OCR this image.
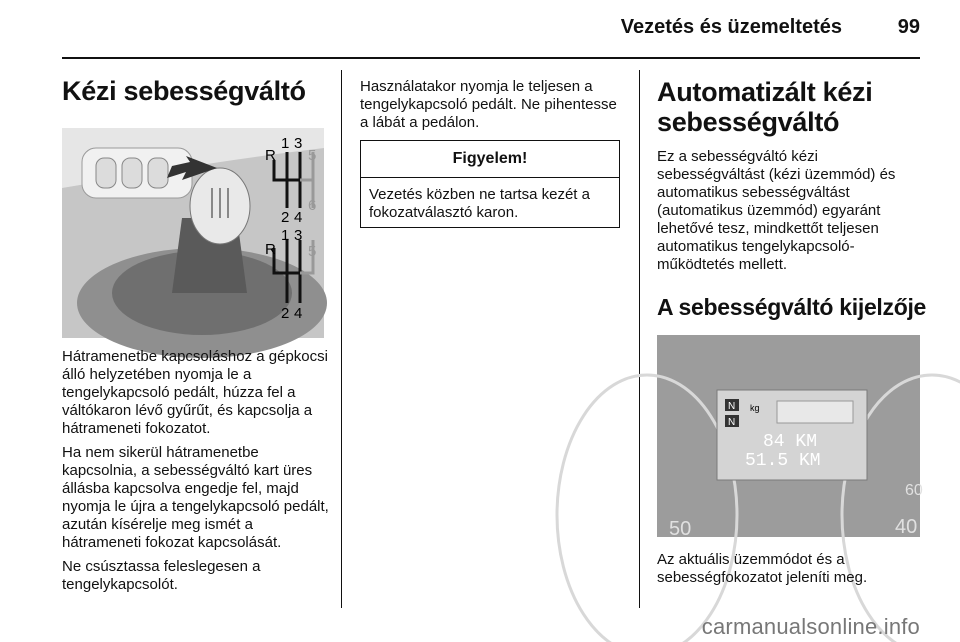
Vezetés és üzemeltetés	99
Kézi sebességváltó
R
1 3
5
2 4
6
R
1 3
5
2 4

Hátramenetbe kapcsoláshoz a gépkocsi álló helyzetében nyomja le a tengelykapcsoló pedált, húzza fel a váltókaron lévő gyűrűt, és kapcsolja a hátrameneti fokozatot.

Ha nem sikerül hátramenetbe kapcsolnia, a sebességváltó kart üres állásba kapcsolva engedje fel, majd nyomja le újra a tengelykapcsoló pedált, azután kísérelje meg ismét a hátrameneti fokozat kapcsolását.

Ne csúsztassa feleslegesen a tengelykapcsolót.

Használatakor nyomja le teljesen a tengelykapcsoló pedált. Ne pihentesse a lábát a pedálon.

Figyelem!
Vezetés közben ne tartsa kezét a fokozatválasztó karon.
Automatizált kézi sebességváltó

Ez a sebességváltó kézi sebességváltást (kézi üzemmód) és automatikus sebességváltást (automatikus üzemmód) egyaránt lehetővé tesz, mindkettőt teljesen automatikus tengelykapcsoló-működtetés mellett.

A sebességváltó kijelzője
N
N
kg
84 KM
51.5 KM
50	40
60

Az aktuális üzemmódot és a sebességfokozatot jeleníti meg.

carmanualsonline.info
